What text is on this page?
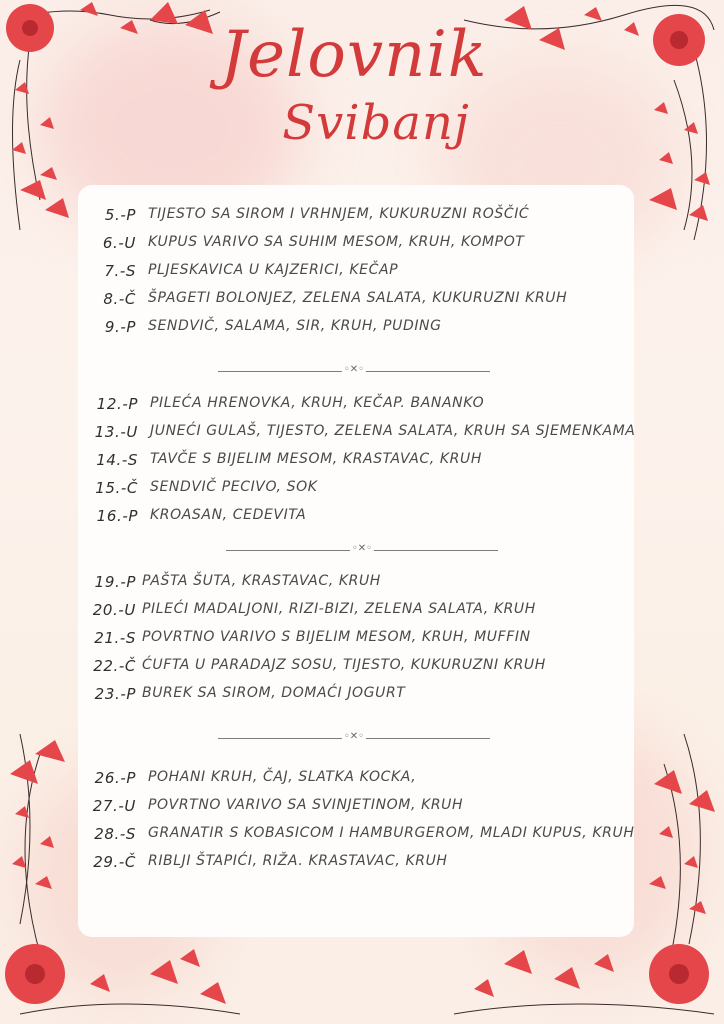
Jelovnik
Svibanj
5.-P TIJESTO SA SIROM I VRHNJEM, KUKURUZNI ROŠČIĆ
6.-U KUPUS VARIVO SA SUHIM MESOM, KRUH, KOMPOT
7.-S PLJESKAVICA U KAJZERICI, KEČAP
8.-Č ŠPAGETI BOLONJEZ, ZELENA SALATA, KUKURUZNI KRUH
9.-P SENDVIČ, SALAMA, SIR, KRUH, PUDING
◦✕◦
12.-P PILEĆA HRENOVKA, KRUH, KEČAP. BANANKO
13.-U JUNEĆI GULAŠ, TIJESTO, ZELENA SALATA, KRUH SA SJEMENKAMA
14.-S TAVČE S BIJELIM MESOM, KRASTAVAC, KRUH
15.-Č SENDVIČ PECIVO, SOK
16.-P KROASAN, CEDEVITA
◦✕◦
19.-P PAŠTA ŠUTA, KRASTAVAC, KRUH
20.-U PILEĆI MADALJONI, RIZI-BIZI, ZELENA SALATA, KRUH
21.-S POVRTNO VARIVO S BIJELIM MESOM, KRUH, MUFFIN
22.-Č ĆUFTA U PARADAJZ SOSU, TIJESTO, KUKURUZNI KRUH
23.-P BUREK SA SIROM, DOMAĆI JOGURT
◦✕◦
26.-P POHANI KRUH, ČAJ, SLATKA KOCKA,
27.-U POVRTNO VARIVO SA SVINJETINOM, KRUH
28.-S GRANATIR S KOBASICOM I HAMBURGEROM, MLADI KUPUS, KRUH
29.-Č RIBLJI ŠTAPIĆI, RIŽA. KRASTAVAC, KRUH
